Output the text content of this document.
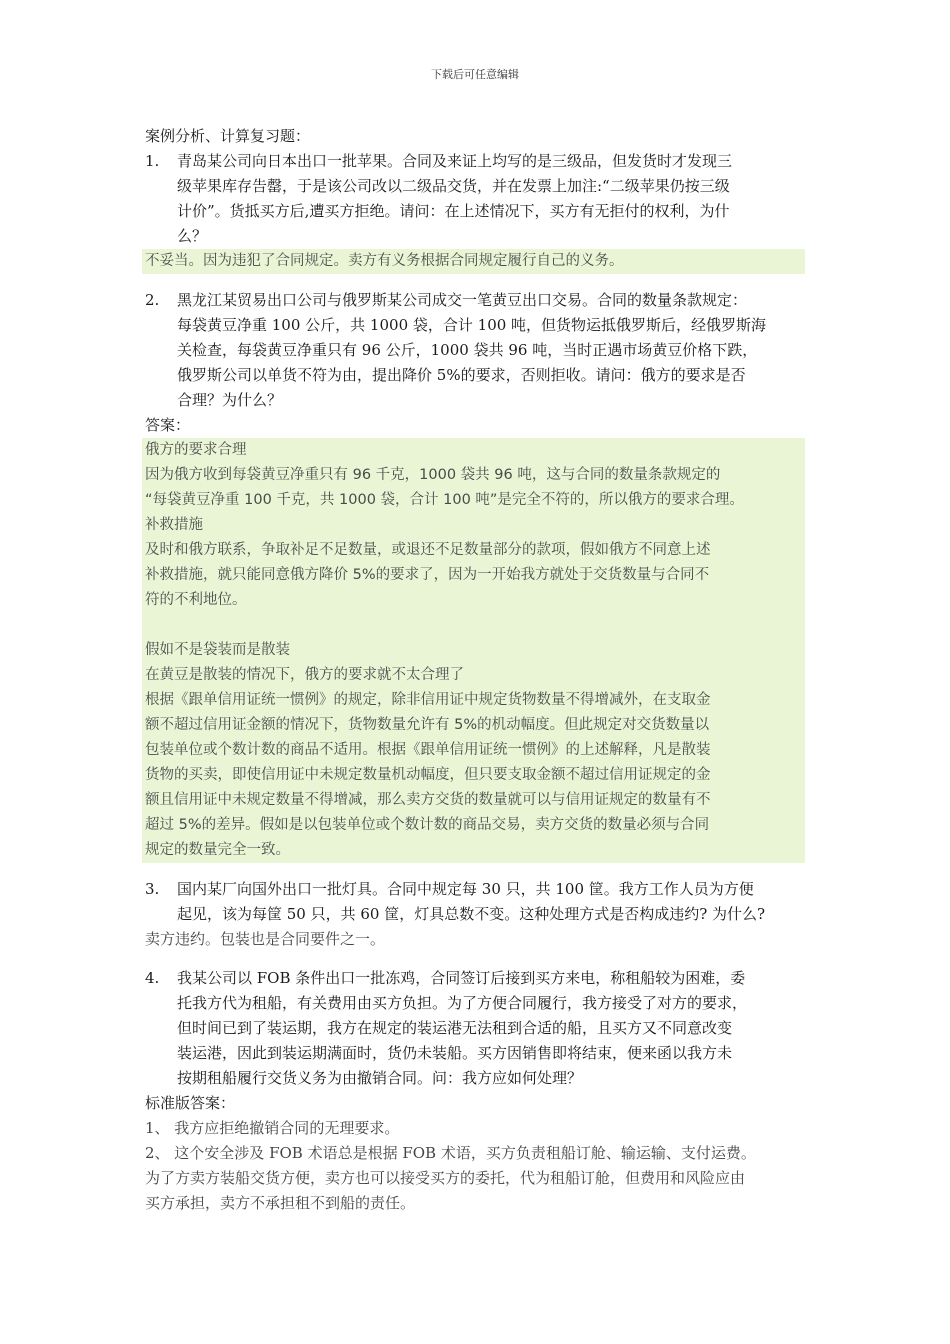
下载后可任意编辑
案例分析、计算复习题：
1.	青岛某公司向日本出口一批苹果。合同及来证上均写的是三级品，但发货时才发现三
级苹果库存告罄，于是该公司改以二级品交货，并在发票上加注:“二级苹果仍按三级
计价”。货抵买方后,遭买方拒绝。请问：在上述情况下，买方有无拒付的权利，为什
么？
不妥当。因为违犯了合同规定。卖方有义务根据合同规定履行自己的义务。
2.	黑龙江某贸易出口公司与俄罗斯某公司成交一笔黄豆出口交易。合同的数量条款规定：
每袋黄豆净重 100 公斤，共 1000 袋，合计 100 吨，但货物运抵俄罗斯后，经俄罗斯海
关检查，每袋黄豆净重只有 96 公斤，1000 袋共 96 吨，当时正遇市场黄豆价格下跌，
俄罗斯公司以单货不符为由，提出降价 5%的要求，否则拒收。请问：俄方的要求是否
合理？为什么？
答案：
俄方的要求合理
因为俄方收到每袋黄豆净重只有 96 千克，1000 袋共 96 吨，这与合同的数量条款规定的
“每袋黄豆净重 100 千克，共 1000 袋，合计 100 吨”是完全不符的，所以俄方的要求合理。
补救措施
及时和俄方联系，争取补足不足数量，或退还不足数量部分的款项，假如俄方不同意上述
补救措施，就只能同意俄方降价 5%的要求了，因为一开始我方就处于交货数量与合同不
符的不利地位。
假如不是袋装而是散装
在黄豆是散装的情况下，俄方的要求就不太合理了
根据《跟单信用证统一惯例》的规定，除非信用证中规定货物数量不得增减外，在支取金
额不超过信用证金额的情况下，货物数量允许有 5%的机动幅度。但此规定对交货数量以
包装单位或个数计数的商品不适用。根据《跟单信用证统一惯例》的上述解释，凡是散装
货物的买卖，即使信用证中未规定数量机动幅度，但只要支取金额不超过信用证规定的金
额且信用证中未规定数量不得增减，那么卖方交货的数量就可以与信用证规定的数量有不
超过 5%的差异。假如是以包装单位或个数计数的商品交易，卖方交货的数量必须与合同
规定的数量完全一致。
3.	国内某厂向国外出口一批灯具。合同中规定每 30 只，共 100 筐。我方工作人员为方便
起见，该为每筐 50 只，共 60 筐，灯具总数不变。这种处理方式是否构成违约? 为什么?
卖方违约。包装也是合同要件之一。
4.	我某公司以 FOB 条件出口一批冻鸡，合同签订后接到买方来电，称租船较为困难，委
托我方代为租船，有关费用由买方负担。为了方便合同履行，我方接受了对方的要求，
但时间已到了装运期，我方在规定的装运港无法租到合适的船，且买方又不同意改变
装运港，因此到装运期满面时，货仍未装船。买方因销售即将结束，便来函以我方未
按期租船履行交货义务为由撤销合同。问：我方应如何处理？
标准版答案：
1、 我方应拒绝撤销合同的无理要求。
2、 这个安全涉及 FOB 术语总是根据 FOB 术语，买方负责租船订舱、输运输、支付运费。
为了方卖方装船交货方便，卖方也可以接受买方的委托，代为租船订舱，但费用和风险应由
买方承担，卖方不承担租不到船的责任。
